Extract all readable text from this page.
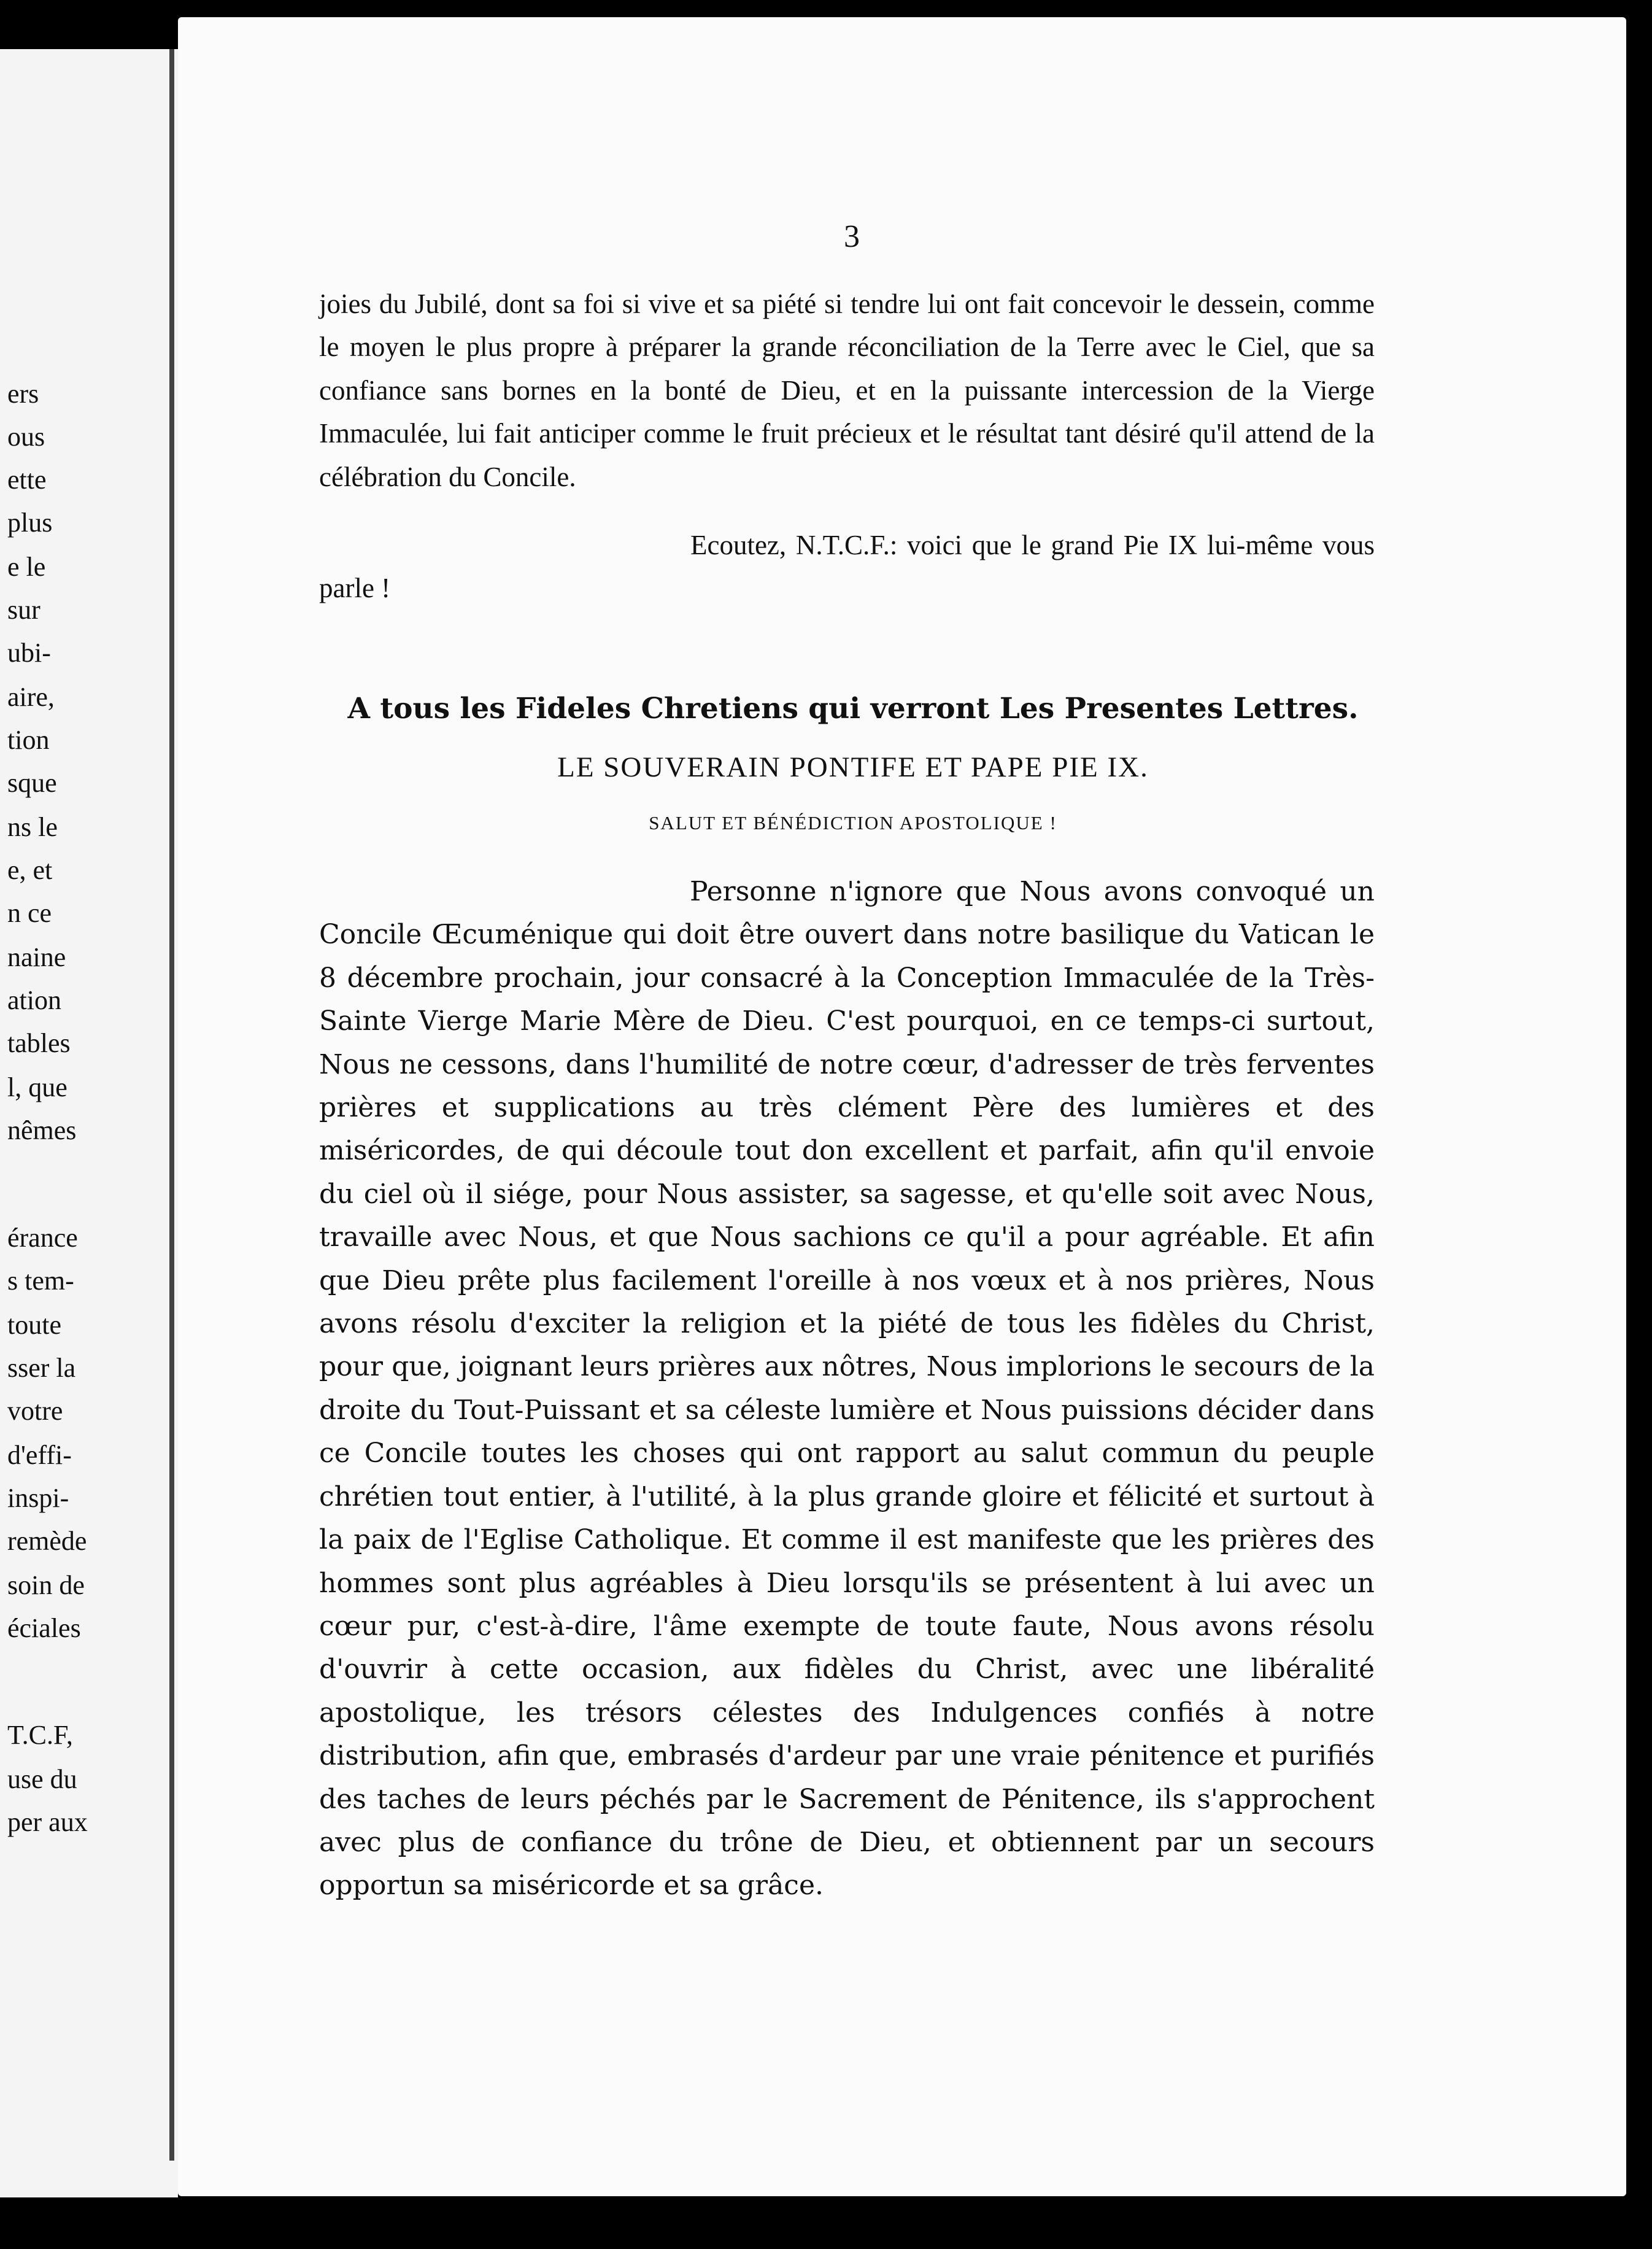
ers
ous
ette
plus
e le
sur
ubi-
aire,
tion
sque
ns le
e, et
n ce
naine
ation
tables
l, que
nêmes
érance
s tem-
toute
sser la
votre
d'effi-
inspi-
remède
soin de
éciales
T.C.F,
use du
per aux
3

joies du Jubilé, dont sa foi si vive et sa piété si tendre lui ont fait concevoir le dessein, comme le moyen le plus propre à préparer la grande réconciliation de la Terre avec le Ciel, que sa confiance sans bornes en la bonté de Dieu, et en la puissante intercession de la Vierge Immaculée, lui fait anticiper comme le fruit précieux et le résultat tant désiré qu'il attend de la célébration du Concile.

Ecoutez, N.T.C.F.: voici que le grand Pie IX lui-même vous parle !
A tous les Fideles Chretiens qui verront Les Presentes Lettres.
LE SOUVERAIN PONTIFE ET PAPE PIE IX.
SALUT ET BÉNÉDICTION APOSTOLIQUE !

Personne n'ignore que Nous avons convoqué un Concile Œcuménique qui doit être ouvert dans notre basilique du Vatican le 8 décembre prochain, jour consacré à la Conception Immaculée de la Très-Sainte Vierge Marie Mère de Dieu. C'est pourquoi, en ce temps-ci surtout, Nous ne cessons, dans l'humilité de notre cœur, d'adresser de très ferventes prières et supplications au très clément Père des lumières et des miséricordes, de qui découle tout don excellent et parfait, afin qu'il envoie du ciel où il siége, pour Nous assister, sa sagesse, et qu'elle soit avec Nous, travaille avec Nous, et que Nous sachions ce qu'il a pour agréable. Et afin que Dieu prête plus facilement l'oreille à nos vœux et à nos prières, Nous avons résolu d'exciter la religion et la piété de tous les fidèles du Christ, pour que, joignant leurs prières aux nôtres, Nous implorions le secours de la droite du Tout-Puissant et sa céleste lumière et Nous puissions décider dans ce Concile toutes les choses qui ont rapport au salut commun du peuple chrétien tout entier, à l'utilité, à la plus grande gloire et félicité et surtout à la paix de l'Eglise Catholique. Et comme il est manifeste que les prières des hommes sont plus agréables à Dieu lorsqu'ils se présentent à lui avec un cœur pur, c'est-à-dire, l'âme exempte de toute faute, Nous avons résolu d'ouvrir à cette occasion, aux fidèles du Christ, avec une libéralité apostolique, les trésors célestes des Indulgences confiés à notre distribution, afin que, embrasés d'ardeur par une vraie pénitence et purifiés des taches de leurs péchés par le Sacrement de Pénitence, ils s'approchent avec plus de confiance du trône de Dieu, et obtiennent par un secours opportun sa miséricorde et sa grâce.
